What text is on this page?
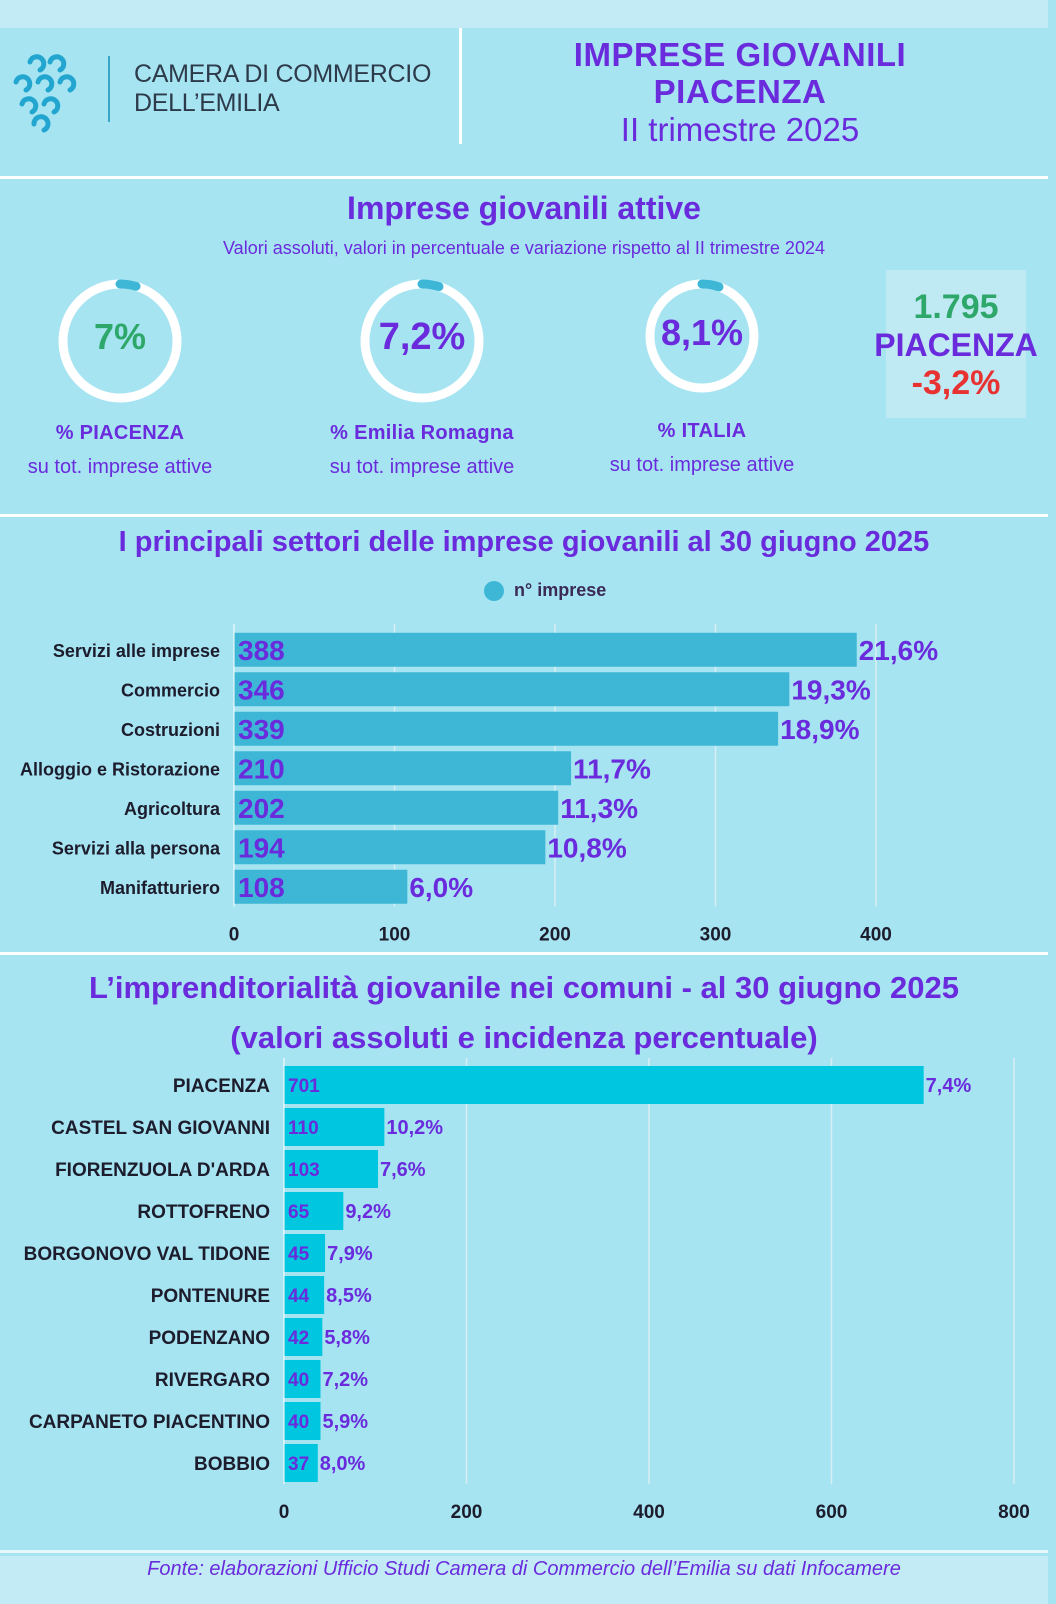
CAMERA DI COMMERCIO
DELL’EMILIA
IMPRESE GIOVANILI
PIACENZA
II trimestre 2025
Imprese giovanili attive
Valori assoluti, valori in percentuale e variazione rispetto al II trimestre 2024
7%
% PIACENZA
su tot. imprese attive
7,2%
% Emilia Romagna
su tot. imprese attive
8,1%
% ITALIA
su tot. imprese attive
1.795
PIACENZA
-3,2%
I principali settori delle imprese giovanili al 30 giugno 2025
n° imprese
0	100	200	300	400
Servizi alle imprese 388	21,6%
Commercio 346	19,3%
Costruzioni 339	18,9%
Alloggio e Ristorazione 210	11,7%
Agricoltura 202	11,3%
Servizi alla persona 194	10,8%
Manifatturiero 108	6,0%
L’imprenditorialità giovanile nei comuni - al 30 giugno 2025
(valori assoluti e incidenza percentuale)
0	200	400	600	800
PIACENZA 701	7,4%
CASTEL SAN GIOVANNI 110	10,2%
FIORENZUOLA D'ARDA 103	7,6%
ROTTOFRENO 65 9,2%
BORGONOVO VAL TIDONE 45 7,9%
PONTENURE 44 8,5%
PODENZANO 42 5,8%
RIVERGARO 40 7,2%
CARPANETO PIACENTINO 40 5,9%
BOBBIO 37 8,0%
Fonte: elaborazioni Ufficio Studi Camera di Commercio dell’Emilia su dati Infocamere
